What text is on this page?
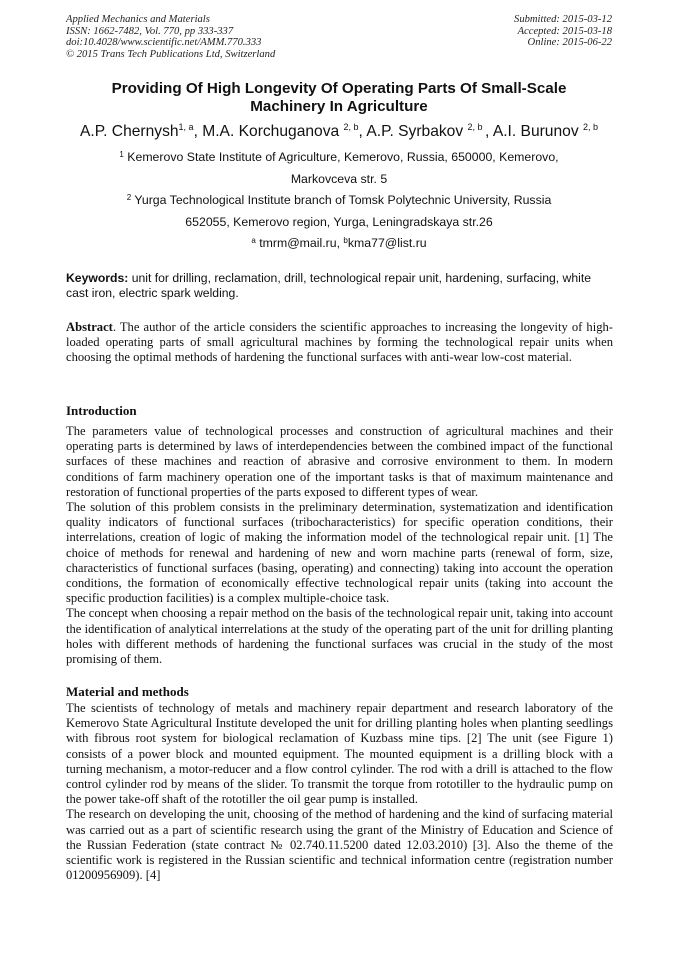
Applied Mechanics and Materials
ISSN: 1662-7482, Vol. 770, pp 333-337
doi:10.4028/www.scientific.net/AMM.770.333
© 2015 Trans Tech Publications Ltd, Switzerland
Submitted: 2015-03-12
Accepted: 2015-03-18
Online: 2015-06-22
Providing Of High Longevity Of Operating Parts Of Small-Scale
Machinery In Agriculture
A.P. Chernysh$^{1, a}$, M.A. Korchuganova $^{2, b}$, A.P. Syrbakov $^{2, b}$ , A.I. Burunov $^{2, b}$
$^1$ Kemerovo State Institute of Agriculture, Kemerovo, Russia, 650000, Kemerovo,
Markovceva str. 5
$^2$ Yurga Technological Institute branch of Tomsk Polytechnic University, Russia
652055, Kemerovo region, Yurga, Leningradskaya str.26
$^a$ tmrm@mail.ru, $^b$kma77@list.ru
Keywords: unit for drilling, reclamation, drill, technological repair unit, hardening, surfacing, white cast iron, electric spark welding.

Abstract. The author of the article considers the scientific approaches to increasing the longevity of high-loaded operating parts of small agricultural machines by forming the technological repair units when choosing the optimal methods of hardening the functional surfaces with anti-wear low-cost material.

Introduction

The parameters value of technological processes and construction of agricultural machines and their operating parts is determined by laws of interdependencies between the combined impact of the functional surfaces of these machines and reaction of abrasive and corrosive environment to them. In modern conditions of farm machinery operation one of the important tasks is that of maximum maintenance and restoration of functional properties of the parts exposed to different types of wear.

The solution of this problem consists in the preliminary determination, systematization and identification quality indicators of functional surfaces (tribocharacteristics) for specific operation conditions, their interrelations, creation of logic of making the information model of the technological repair unit. [1] The choice of methods for renewal and hardening of new and worn machine parts (renewal of form, size, characteristics of functional surfaces (basing, operating) and connecting) taking into account the operation conditions, the formation of economically effective technological repair units (taking into account the specific production facilities) is a complex multiple-choice task.

The concept when choosing a repair method on the basis of the technological repair unit, taking into account the identification of analytical interrelations at the study of the operating part of the unit for drilling planting holes with different methods of hardening the functional surfaces was crucial in the study of the most promising of them.

Material and methods

The scientists of technology of metals and machinery repair department and research laboratory of the Kemerovo State Agricultural Institute developed the unit for drilling planting holes when planting seedlings with fibrous root system for biological reclamation of Kuzbass mine tips. [2] The unit (see Figure 1) consists of a power block and mounted equipment. The mounted equipment is a drilling block with a turning mechanism, a motor-reducer and a flow control cylinder. The rod with a drill is attached to the flow control cylinder rod by means of the slider. To transmit the torque from rototiller to the hydraulic pump on the power take-off shaft of the rototiller the oil gear pump is installed.

The research on developing the unit, choosing of the method of hardening and the kind of surfacing material was carried out as a part of scientific research using the grant of the Ministry of Education and Science of the Russian Federation (state contract № 02.740.11.5200 dated 12.03.2010) [3]. Also the theme of the scientific work is registered in the Russian scientific and technical information centre (registration number 01200956909). [4]
